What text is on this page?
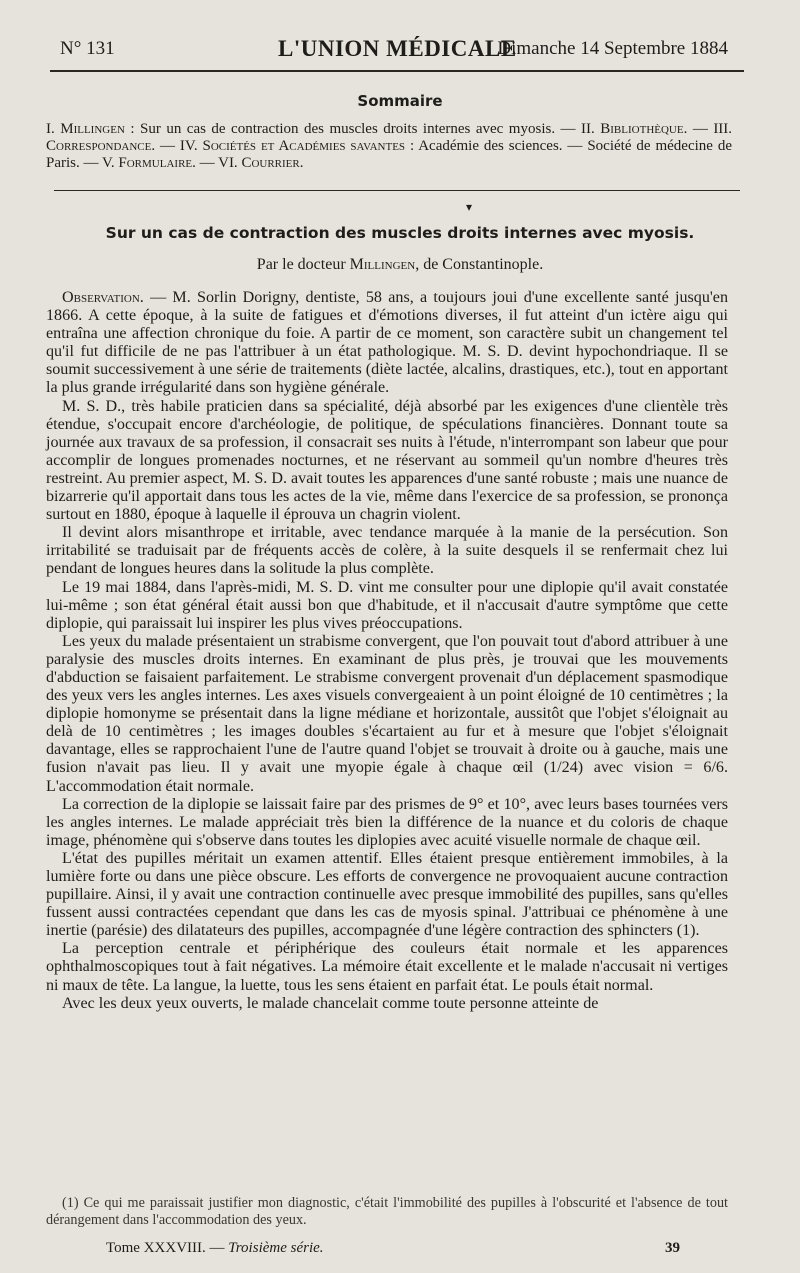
N° 131	L'UNION MÉDICALE
Dimanche 14 Septembre 1884
Sommaire
I. Millingen : Sur un cas de contraction des muscles droits internes avec myosis. — II. Bibliothèque. — III. Correspondance. — IV. Sociétés et Académies savantes : Académie des sciences. — Société de médecine de Paris. — V. Formulaire. — VI. Courrier.
▾
Sur un cas de contraction des muscles droits internes avec myosis.
Par le docteur Millingen, de Constantinople.

Observation. — M. Sorlin Dorigny, dentiste, 58 ans, a toujours joui d'une excellente santé jusqu'en 1866. A cette époque, à la suite de fatigues et d'émotions diverses, il fut atteint d'un ictère aigu qui entraîna une affection chronique du foie. A partir de ce moment, son caractère subit un changement tel qu'il fut difficile de ne pas l'attribuer à un état pathologique. M. S. D. devint hypochondriaque. Il se soumit successivement à une série de traitements (diète lactée, alcalins, drastiques, etc.), tout en apportant la plus grande irrégularité dans son hygiène générale.

M. S. D., très habile praticien dans sa spécialité, déjà absorbé par les exigences d'une clientèle très étendue, s'occupait encore d'archéologie, de politique, de spéculations financières. Donnant toute sa journée aux travaux de sa profession, il consacrait ses nuits à l'étude, n'interrompant son labeur que pour accomplir de longues promenades nocturnes, et ne réservant au sommeil qu'un nombre d'heures très restreint. Au premier aspect, M. S. D. avait toutes les apparences d'une santé robuste ; mais une nuance de bizarrerie qu'il apportait dans tous les actes de la vie, même dans l'exercice de sa profession, se prononça surtout en 1880, époque à laquelle il éprouva un chagrin violent.

Il devint alors misanthrope et irritable, avec tendance marquée à la manie de la persécution. Son irritabilité se traduisait par de fréquents accès de colère, à la suite desquels il se renfermait chez lui pendant de longues heures dans la solitude la plus complète.

Le 19 mai 1884, dans l'après-midi, M. S. D. vint me consulter pour une diplopie qu'il avait constatée lui-même ; son état général était aussi bon que d'habitude, et il n'accusait d'autre symptôme que cette diplopie, qui paraissait lui inspirer les plus vives préoccupations.

Les yeux du malade présentaient un strabisme convergent, que l'on pouvait tout d'abord attribuer à une paralysie des muscles droits internes. En examinant de plus près, je trouvai que les mouvements d'abduction se faisaient parfaitement. Le strabisme convergent provenait d'un déplacement spasmodique des yeux vers les angles internes. Les axes visuels convergeaient à un point éloigné de 10 centimètres ; la diplopie homonyme se présentait dans la ligne médiane et horizontale, aussitôt que l'objet s'éloignait au delà de 10 centimètres ; les images doubles s'écartaient au fur et à mesure que l'objet s'éloignait davantage, elles se rapprochaient l'une de l'autre quand l'objet se trouvait à droite ou à gauche, mais une fusion n'avait pas lieu. Il y avait une myopie égale à chaque œil (1/24) avec vision = 6/6. L'accommodation était normale.

La correction de la diplopie se laissait faire par des prismes de 9° et 10°, avec leurs bases tournées vers les angles internes. Le malade appréciait très bien la différence de la nuance et du coloris de chaque image, phénomène qui s'observe dans toutes les diplopies avec acuité visuelle normale de chaque œil.

L'état des pupilles méritait un examen attentif. Elles étaient presque entièrement immobiles, à la lumière forte ou dans une pièce obscure. Les efforts de convergence ne provoquaient aucune contraction pupillaire. Ainsi, il y avait une contraction continuelle avec presque immobilité des pupilles, sans qu'elles fussent aussi contractées cependant que dans les cas de myosis spinal. J'attribuai ce phénomène à une inertie (parésie) des dilatateurs des pupilles, accompagnée d'une légère contraction des sphincters (1).

La perception centrale et périphérique des couleurs était normale et les apparences ophthalmoscopiques tout à fait négatives. La mémoire était excellente et le malade n'accusait ni vertiges ni maux de tête. La langue, la luette, tous les sens étaient en parfait état. Le pouls était normal.

Avec les deux yeux ouverts, le malade chancelait comme toute personne atteinte de

(1) Ce qui me paraissait justifier mon diagnostic, c'était l'immobilité des pupilles à l'obscurité et l'absence de tout dérangement dans l'accommodation des yeux.

Tome XXXVIII. — Troisième série.	39
